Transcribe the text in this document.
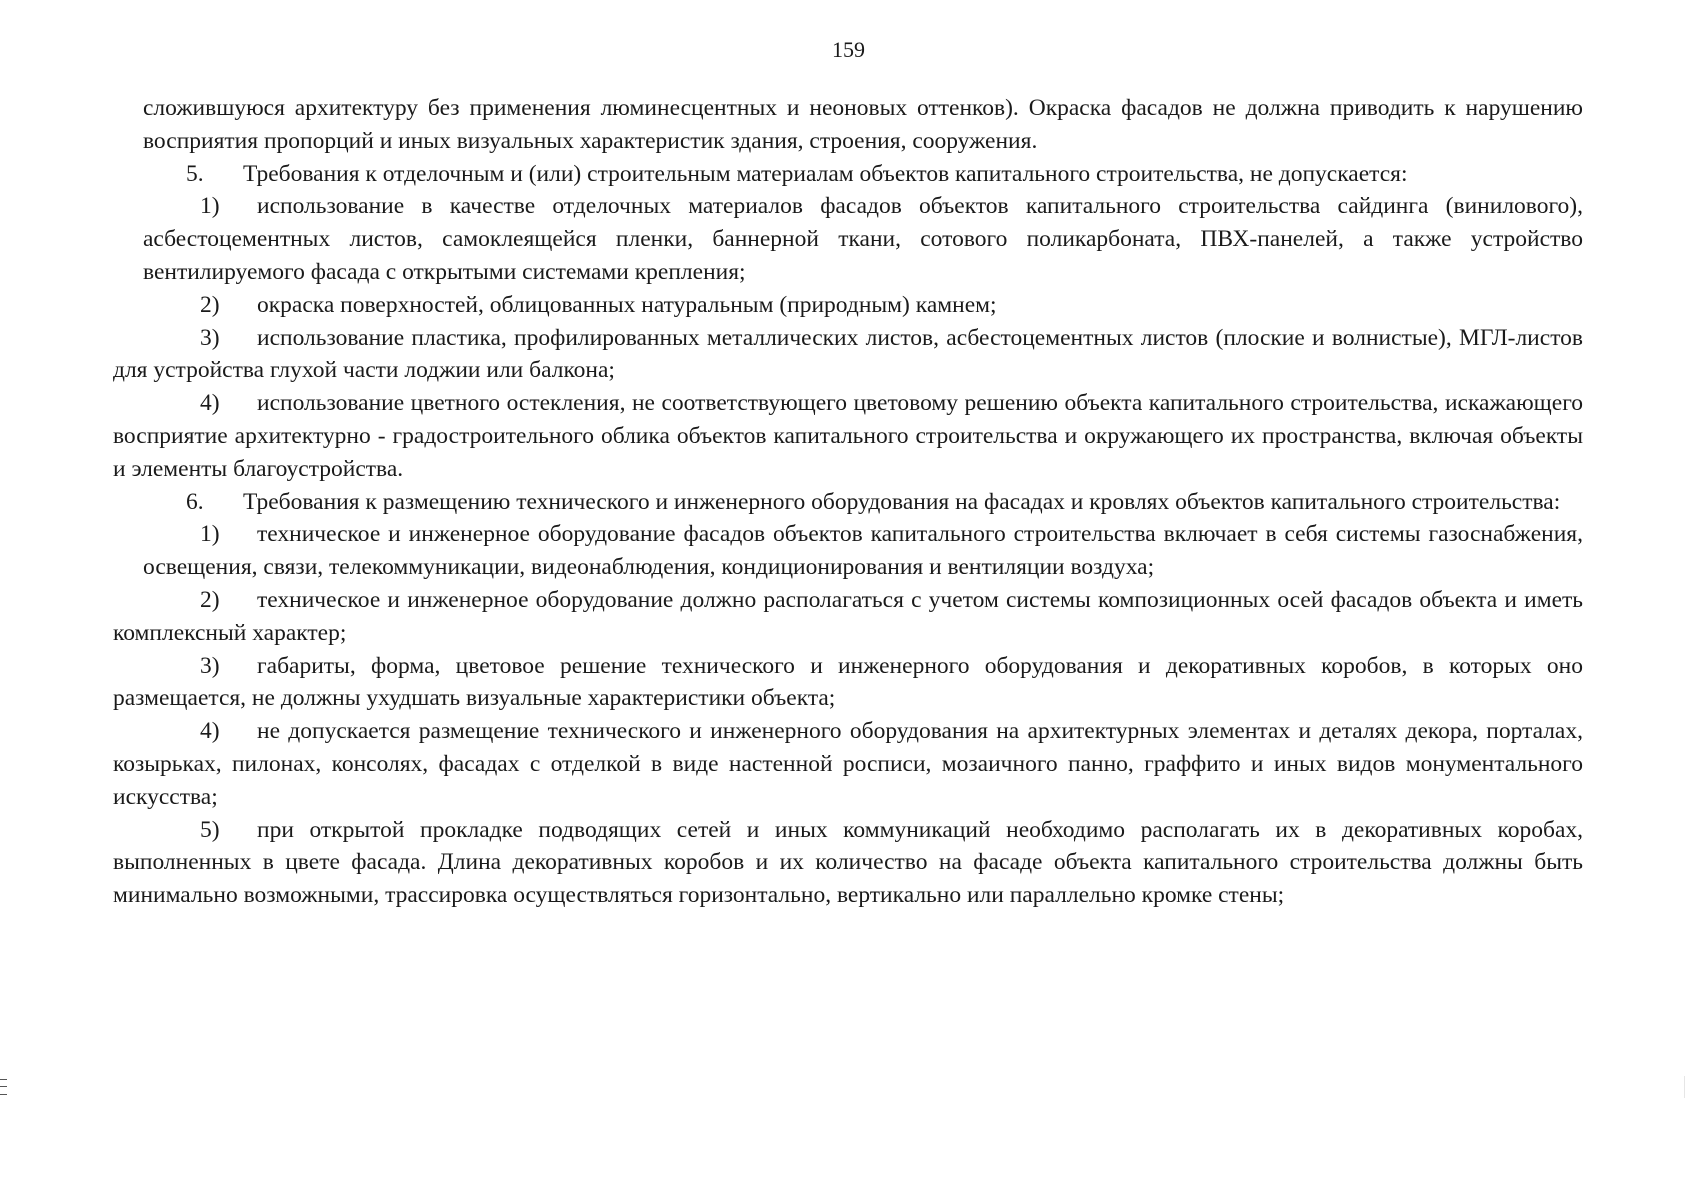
159

сложившуюся архитектуру без применения люминесцентных и неоновых оттенков). Окраска фасадов не должна приводить к нарушению восприятия пропорций и иных визуальных характеристик здания, строения, сооружения.

5. Требования к отделочным и (или) строительным материалам объектов капитального строительства, не допускается:

1) использование в качестве отделочных материалов фасадов объектов капитального строительства сайдинга (винилового), асбестоцементных листов, самоклеящейся пленки, баннерной ткани, сотового поликарбоната, ПВХ-панелей, а также устройство вентилируемого фасада с открытыми системами крепления;

2) окраска поверхностей, облицованных натуральным (природным) камнем;

3) использование пластика, профилированных металлических листов, асбестоцементных листов (плоские и волнистые), МГЛ-листов для устройства глухой части лоджии или балкона;

4) использование цветного остекления, не соответствующего цветовому решению объекта капитального строительства, искажающего восприятие архитектурно - градостроительного облика объектов капитального строительства и окружающего их пространства, включая объекты и элементы благоустройства.

6. Требования к размещению технического и инженерного оборудования на фасадах и кровлях объектов капитального строительства:

1) техническое и инженерное оборудование фасадов объектов капитального строительства включает в себя системы газоснабжения, освещения, связи, телекоммуникации, видеонаблюдения, кондиционирования и вентиляции воздуха;

2) техническое и инженерное оборудование должно располагаться с учетом системы композиционных осей фасадов объекта и иметь комплексный характер;

3) габариты, форма, цветовое решение технического и инженерного оборудования и декоративных коробов, в которых оно размещается, не должны ухудшать визуальные характеристики объекта;

4) не допускается размещение технического и инженерного оборудования на архитектурных элементах и деталях декора, порталах, козырьках, пилонах, консолях, фасадах с отделкой в виде настенной росписи, мозаичного панно, граффито и иных видов монументального искусства;

5) при открытой прокладке подводящих сетей и иных коммуникаций необходимо располагать их в декоративных коробах, выполненных в цвете фасада. Длина декоративных коробов и их количество на фасаде объекта капитального строительства должны быть минимально возможными, трассировка осуществляться горизонтально, вертикально или параллельно кромке стены;
